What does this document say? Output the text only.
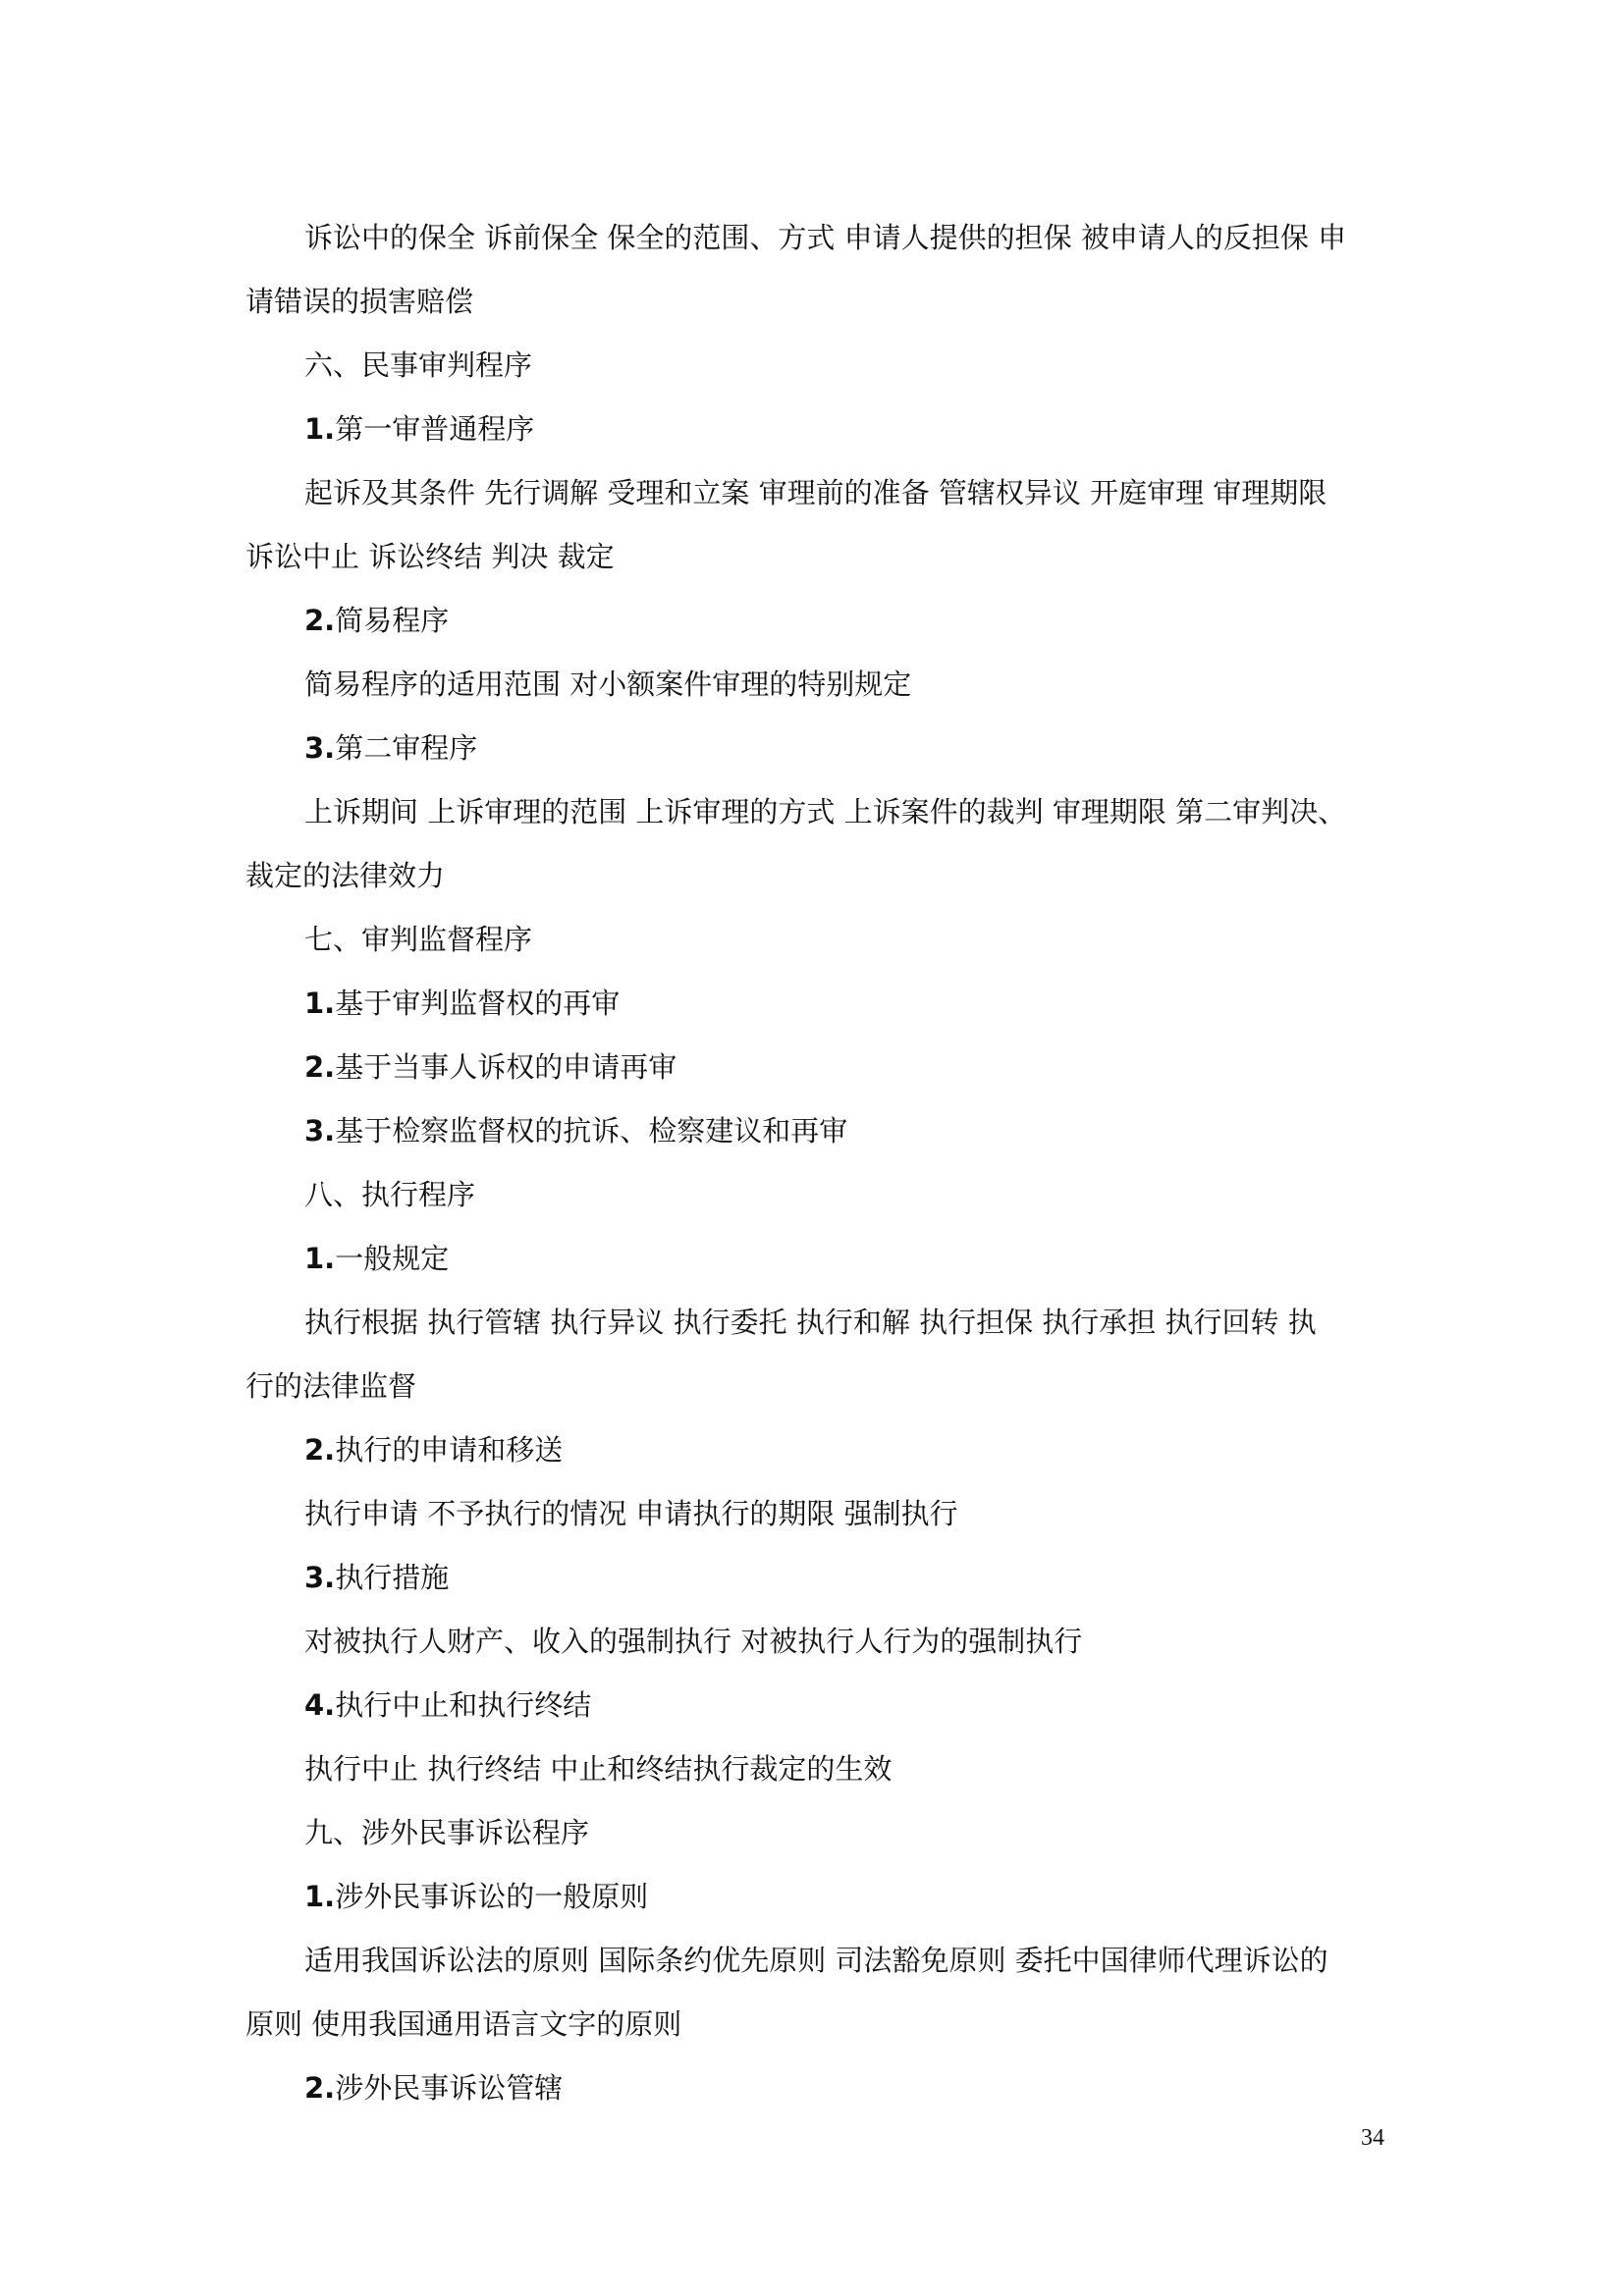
诉讼中的保全 诉前保全 保全的范围、方式 申请人提供的担保 被申请人的反担保 申
请错误的损害赔偿
六、民事审判程序
1.第一审普通程序
起诉及其条件 先行调解 受理和立案 审理前的准备 管辖权异议 开庭审理 审理期限
诉讼中止 诉讼终结 判决 裁定
2.简易程序
简易程序的适用范围 对小额案件审理的特别规定
3.第二审程序
上诉期间 上诉审理的范围 上诉审理的方式 上诉案件的裁判 审理期限 第二审判决、
裁定的法律效力
七、审判监督程序
1.基于审判监督权的再审
2.基于当事人诉权的申请再审
3.基于检察监督权的抗诉、检察建议和再审
八、执行程序
1.一般规定
执行根据 执行管辖 执行异议 执行委托 执行和解 执行担保 执行承担 执行回转 执
行的法律监督
2.执行的申请和移送
执行申请 不予执行的情况 申请执行的期限 强制执行
3.执行措施
对被执行人财产、收入的强制执行 对被执行人行为的强制执行
4.执行中止和执行终结
执行中止 执行终结 中止和终结执行裁定的生效
九、涉外民事诉讼程序
1.涉外民事诉讼的一般原则
适用我国诉讼法的原则 国际条约优先原则 司法豁免原则 委托中国律师代理诉讼的
原则 使用我国通用语言文字的原则
2.涉外民事诉讼管辖
34
